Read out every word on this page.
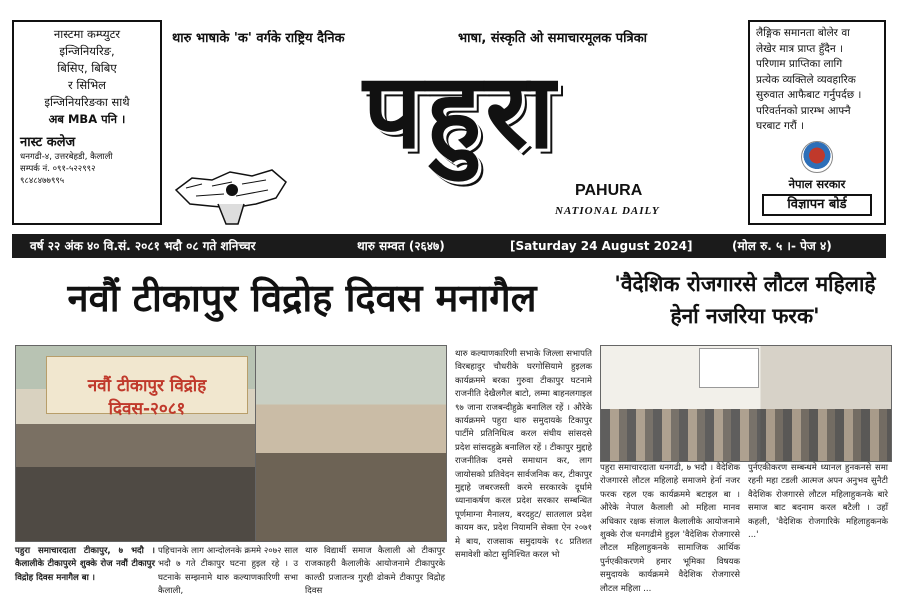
नास्टमा कम्प्युटर
इन्जिनियरिङ,
बिसिए, बिबिए
र सिभिल
इन्जिनियरिङका साथै
अब MBA पनि ।
नास्ट कलेज
धनगढी-४, उत्तरबेहडी, कैलाली
सम्पर्क नं. ०९१-५२२९९२
९८४८४७७९९५
थारु भाषाके 'क' वर्गके राष्ट्रिय दैनिक	भाषा, संस्कृति ओ समाचारमूलक पत्रिका
पहुरा
PAHURA
NATIONAL DAILY
लैङ्गिक समानता बोलेर वा
लेखेर मात्र प्राप्त हुँदैन ।
परिणाम प्राप्तिका लागि
प्रत्येक व्यक्तिले व्यवहारिक
सुरुवात आफैबाट गर्नुपर्दछ ।
परिवर्तनको प्रारम्भ आफ्नै
घरबाट गरौं ।
नेपाल सरकार
विज्ञापन बोर्ड
वर्ष २२ अंक ४० वि.सं. २०८१ भदौ ०८ गते शनिच्चर	थारु सम्वत (२६४७)	[Saturday 24 August 2024]	(मोल रु. ५ ।- पेज ४)
नवौं टीकापुर विद्रोह दिवस मनागैल	'वैदेशिक रोजगारसे लौटल महिलाहे हेर्ना नजरिया फरक'
नवौं टीकापुर विद्रोह दिवस-२०८१
थारु कल्याणकारिणी सभाके जिल्ला सभापति विरबहादुर चौधरीके घरगोसियामे हुइलक कार्यक्रममे बरका गुरुवा टीकापुर घटनामे राजनीति देखैलगैल बाटो, लम्मा बाहनलगाइल ९७ जाना राजबन्दीहुक्रे बनालिल रहें । औरेके कार्यक्रममे पहुरा थारु समुदायके टिकापुर पार्टीमे प्रतिनिधित्व करल संघीय सांसदसे प्रदेश सांसदहुक्रे बनालिल रहें । टीकापुर मुद्दाहे राजनीतिक दमसे समाधान कर, लाग जायोसको प्रतिवेदन सार्वजनिक कर, टीकापुर मुद्दाहे जबरजस्ती करमे सरकारके दूर्धामे ध्यानाकर्षण करल प्रदेश सरकार सम्बन्धित पूर्णमाग्ना मैनालय, बरदहुट/ सातलाल प्रदेश कायम कर, प्रदेश नियामनि सेक्ता ऐन २०७१ मे बाय, राजसाक समुदायके १८ प्रतिशत समावेशी कोटा सुनिश्चित करल भो
पहुरा समाचारदाता टीकापुर, ७ भदौ । कैलालीके टीकापुरमे शुक्के रोज नवौं टीकापुर विद्रोह दिवस मनागैल बा ।
पहिचानके लाग आन्दोलनके क्रममे २०७२ साल भदौ ७ गते टीकापुर घटना हुइल रहे । उ घटनाके सम्झनामे थारु कल्याणकारिणी सभा कैलाली,
थारु विद्यार्थी समाज कैलाली ओ टीकापुर राजकाहरी कैलालीके आयोजनामे टीकापुरके काल्ठी प्रजातन्त्र गुरही ढोकमे टीकापुर विद्रोह दिवस
पहुरा समाचारदाता धनगढी, ७ भदौ । वैदेशिक रोजगारसे लौटल महिलाहे समाजमे हेर्ना नजर फरक रहल एक कार्यक्रममे बटाइल बा । औरेके नेपाल कैलाली ओ महिला मानव अधिकार रक्षक संजाल कैलालीके आयोजनामे शुक्के रोज धनगढीमे हुइल 'वैदेशिक रोजगारसे लौटल महिलाहुकनके सामाजिक आर्थिक पुर्नएकीकरणमे हमार भूमिका विषयक समुदायके कार्यक्रममे वैदेशिक रोजगारसे लौटल महिला ...
पुर्नएकीकरण सम्बन्धमे ध्यानल हुनकनसे समा रहनी महा टडली आत्मज अपन अनुभव सुनैटी वैदेशिक रोजगारसे लौटल महिलाहुकनके बारे समाज बाट बदनाम करल बटैली । उहाँ कहली, 'वैदेशिक रोजगारिके महिलाहुकनके ...'
